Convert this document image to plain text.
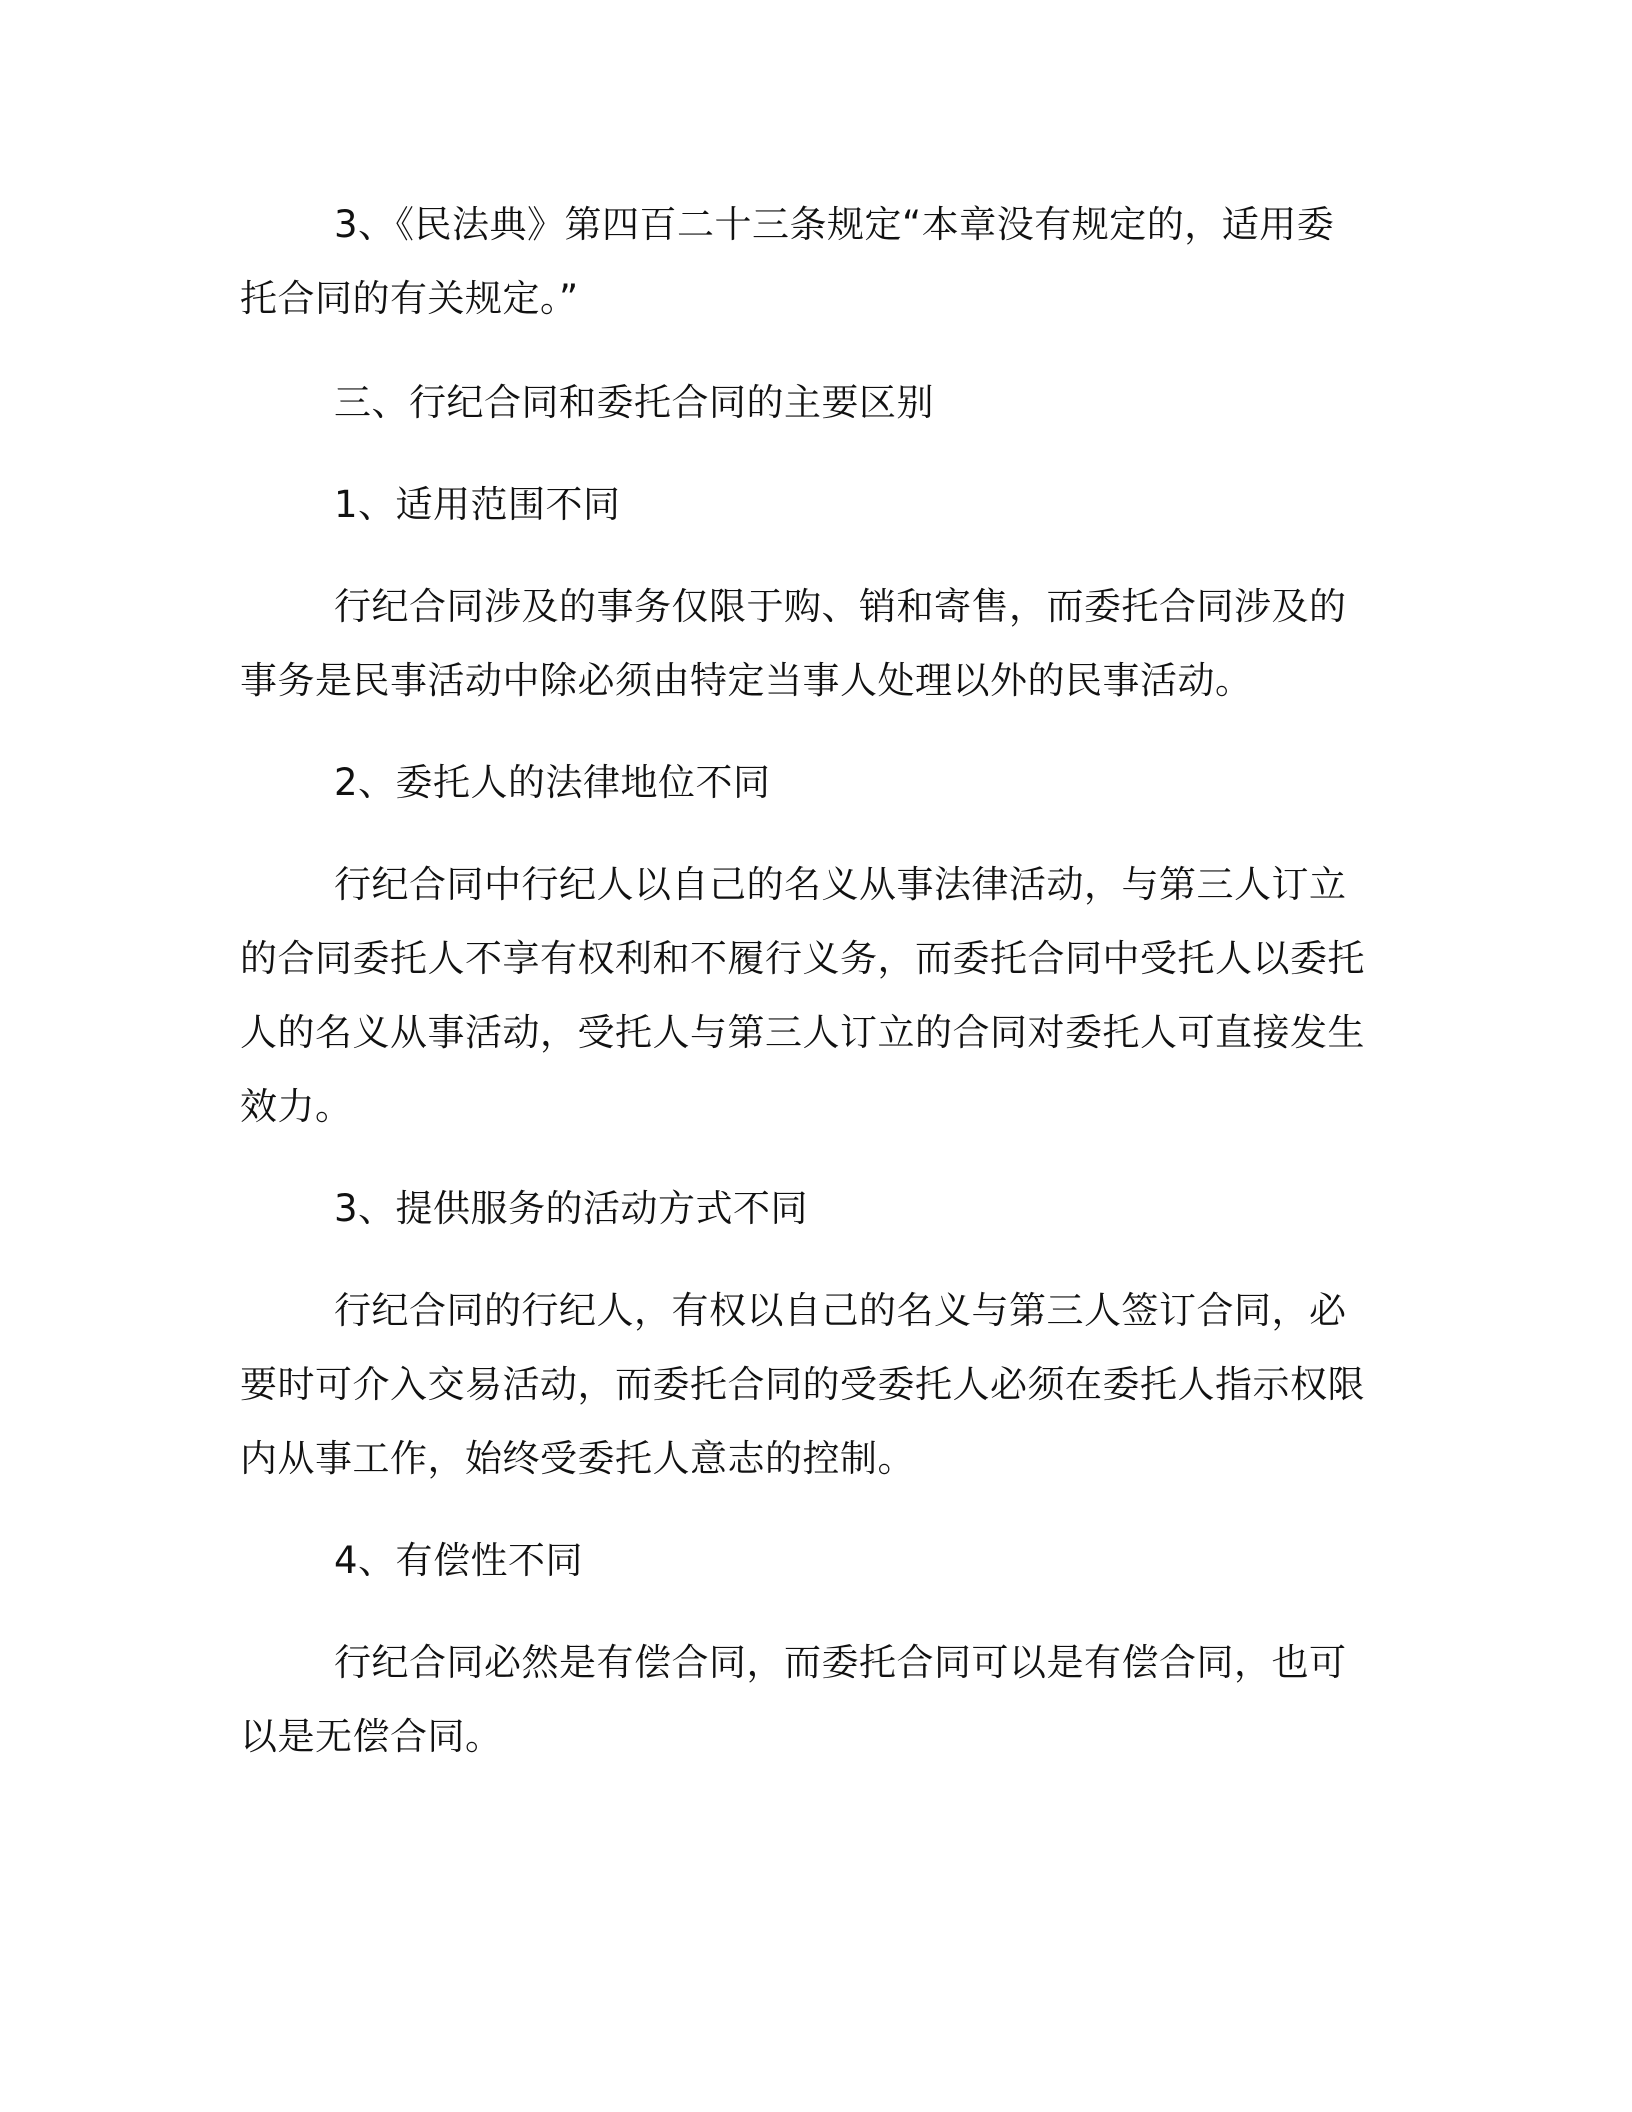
3、《民法典》第四百二十三条规定“本章没有规定的，适用委托合同的有关规定。”

三、行纪合同和委托合同的主要区别

1、适用范围不同

行纪合同涉及的事务仅限于购、销和寄售，而委托合同涉及的事务是民事活动中除必须由特定当事人处理以外的民事活动。

2、委托人的法律地位不同

行纪合同中行纪人以自己的名义从事法律活动，与第三人订立的合同委托人不享有权利和不履行义务，而委托合同中受托人以委托人的名义从事活动，受托人与第三人订立的合同对委托人可直接发生效力。

3、提供服务的活动方式不同

行纪合同的行纪人，有权以自己的名义与第三人签订合同，必要时可介入交易活动，而委托合同的受委托人必须在委托人指示权限内从事工作，始终受委托人意志的控制。

4、有偿性不同

行纪合同必然是有偿合同，而委托合同可以是有偿合同，也可以是无偿合同。
